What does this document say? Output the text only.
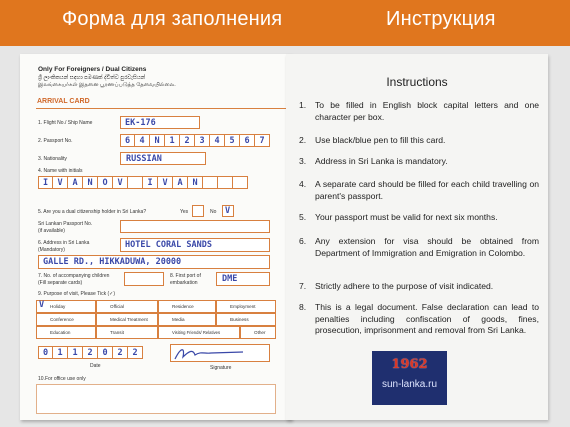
Форма для заполнения	Инструкция
Only For Foreigners / Dual Citizens
ශ්‍රී ලාංකිකයන් සඳහා පමණක් ද්විත්ව පුරවැසියන්
இலங்கையர்கள் இதனை பூரணப்படுத்த தேவையில்லை.
ARRIVAL CARD
1. Flight No./ Ship Name	EK-176
2. Passport No.	6	4	N	1	2	3	4	5	6	7
3. Nationality	RUSSIAN
4. Name with initials
I	V	A	N	O	V	I	V	A	N
5. Are you a dual citizenship holder in Sri Lanka?	Yes	No V
Sri Lankan Passport No.
(if available)
6. Address in Sri Lanka
(Mandatory)	HOTEL CORAL SANDS
GALLE RD., HIKKADUWA, 20000
7. No. of accompanying children
(Fill separate cards)
8. First port of
embarkation	DME
9. Purpose of visit, Please Tick (✓)
V Holiday	Official	Residence	Employment
Conference	Medical Treatment	Media	Business
Education	Transit	Visiting Friends/ Relatives	Other
0	1	1	2	0	2	2
Date	Signature
10.For office use only
Instructions
1. To be filled in English block capital letters and one character per box.
2. Use black/blue pen to fill this card.
3. Address in Sri Lanka is mandatory.
4. A separate card should be filled for each child travelling on parent's passport.
5. Your passport must be valid for next six months.
6. Any extension for visa should be obtained from Department of Immigration and Emigration in Colombo.
7. Strictly adhere to the purpose of visit indicated.
8. This is a legal document. False declaration can lead to penalties including confiscation of goods, fines, prosecution, imprisonment and removal from Sri Lanka.
1962
sun-lanka.ru
